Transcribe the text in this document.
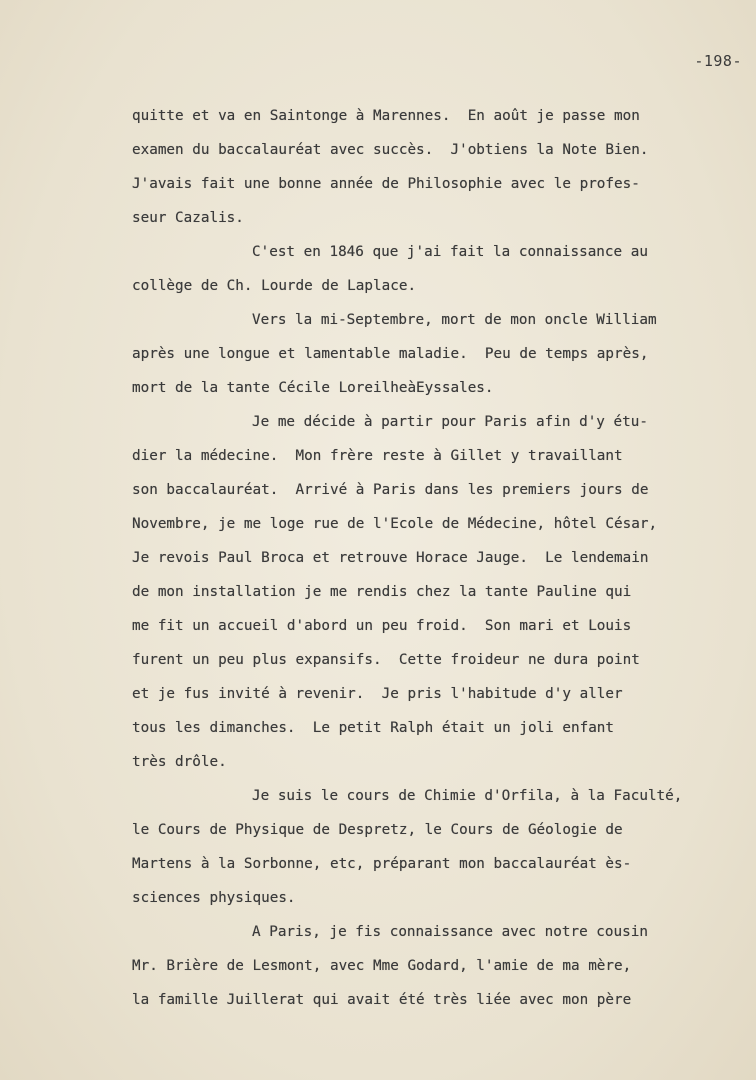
-198-
quitte et va en Saintonge à Marennes.  En août je passe mon
examen du baccalauréat avec succès.  J'obtiens la Note Bien.
J'avais fait une bonne année de Philosophie avec le profes-
seur Cazalis.
C'est en 1846 que j'ai fait la connaissance au
collège de Ch. Lourde de Laplace.
Vers la mi-Septembre, mort de mon oncle William
après une longue et lamentable maladie.  Peu de temps après,
mort de la tante Cécile LoreilheàEyssales.
Je me décide à partir pour Paris afin d'y étu-
dier la médecine.  Mon frère reste à Gillet y travaillant
son baccalauréat.  Arrivé à Paris dans les premiers jours de
Novembre, je me loge rue de l'Ecole de Médecine, hôtel César,
Je revois Paul Broca et retrouve Horace Jauge.  Le lendemain
de mon installation je me rendis chez la tante Pauline qui
me fit un accueil d'abord un peu froid.  Son mari et Louis
furent un peu plus expansifs.  Cette froideur ne dura point
et je fus invité à revenir.  Je pris l'habitude d'y aller
tous les dimanches.  Le petit Ralph était un joli enfant
très drôle.
Je suis le cours de Chimie d'Orfila, à la Faculté,
le Cours de Physique de Despretz, le Cours de Géologie de
Martens à la Sorbonne, etc, préparant mon baccalauréat ès-
sciences physiques.
A Paris, je fis connaissance avec notre cousin
Mr. Brière de Lesmont, avec Mme Godard, l'amie de ma mère,
la famille Juillerat qui avait été très liée avec mon père
